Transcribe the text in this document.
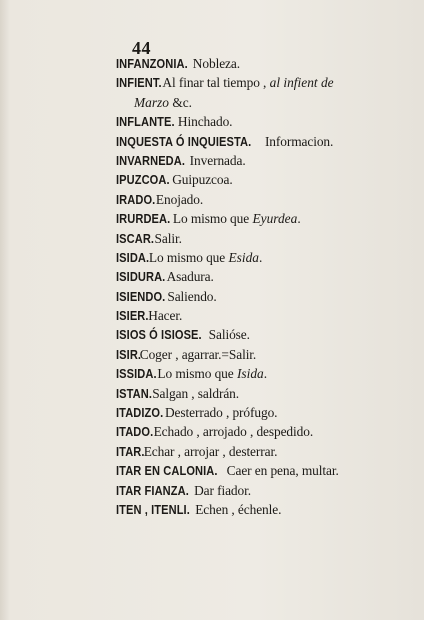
44
INFANZONIA. Nobleza.
INFIENT. Al finar tal tiempo , al infient de
Marzo &c.
INFLANTE. Hinchado.
INQUESTA Ó INQUIESTA. Informacion.
INVARNEDA. Invernada.
IPUZCOA. Guipuzcoa.
IRADO. Enojado.
IRURDEA. Lo mismo que Eyurdea.
ISCAR. Salir.
ISIDA. Lo mismo que Esida.
ISIDURA. Asadura.
ISIENDO. Saliendo.
ISIER. Hacer.
ISIOS Ó ISIOSE. Salióse.
ISIR. Coger , agarrar.=Salir.
ISSIDA. Lo mismo que Isida.
ISTAN. Salgan , saldrán.
ITADIZO. Desterrado , prófugo.
ITADO. Echado , arrojado , despedido.
ITAR. Echar , arrojar , desterrar.
ITAR EN CALONIA. Caer en pena, multar.
ITAR FIANZA. Dar fiador.
ITEN , ITENLI. Echen , échenle.
